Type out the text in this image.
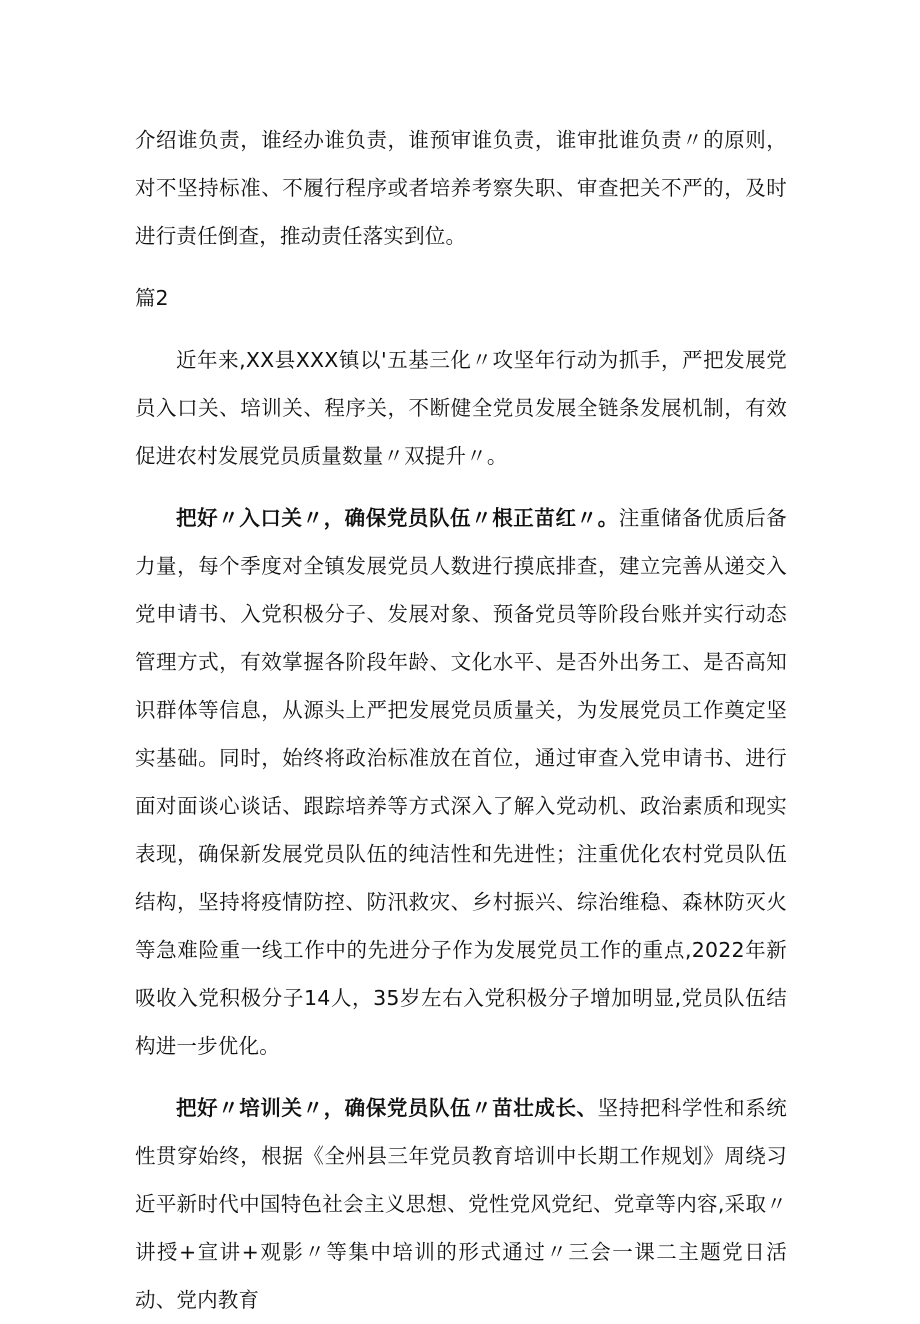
介绍谁负责，谁经办谁负责，谁预审谁负责，谁审批谁负责〃的原则，对不坚持标准、不履行程序或者培养考察失职、审查把关不严的，及时进行责任倒查，推动责任落实到位。

篇2

近年来,XX县XXX镇以'五基三化〃攻坚年行动为抓手，严把发展党员入口关、培训关、程序关，不断健全党员发展全链条发展机制，有效促进农村发展党员质量数量〃双提升〃。

把好〃入口关〃，确保党员队伍〃根正苗红〃。注重储备优质后备力量，每个季度对全镇发展党员人数进行摸底排查，建立完善从递交入党申请书、入党积极分子、发展对象、预备党员等阶段台账并实行动态管理方式，有效掌握各阶段年龄、文化水平、是否外出务工、是否高知识群体等信息，从源头上严把发展党员质量关，为发展党员工作奠定坚实基础。同时，始终将政治标准放在首位，通过审查入党申请书、进行面对面谈心谈话、跟踪培养等方式深入了解入党动机、政治素质和现实表现，确保新发展党员队伍的纯洁性和先进性；注重优化农村党员队伍结构，坚持将疫情防控、防汛救灾、乡村振兴、综治维稳、森林防灭火等急难险重一线工作中的先进分子作为发展党员工作的重点,2022年新吸收入党积极分子14人，35岁左右入党积极分子增加明显,党员队伍结构进一步优化。

把好〃培训关〃，确保党员队伍〃苗壮成长、坚持把科学性和系统性贯穿始终，根据《全州县三年党员教育培训中长期工作规划》周绕习近平新时代中国特色社会主义思想、党性党风党纪、党章等内容,采取〃讲授+宣讲+观影〃等集中培训的形式通过〃三会一课二主题党日活动、党内教育
